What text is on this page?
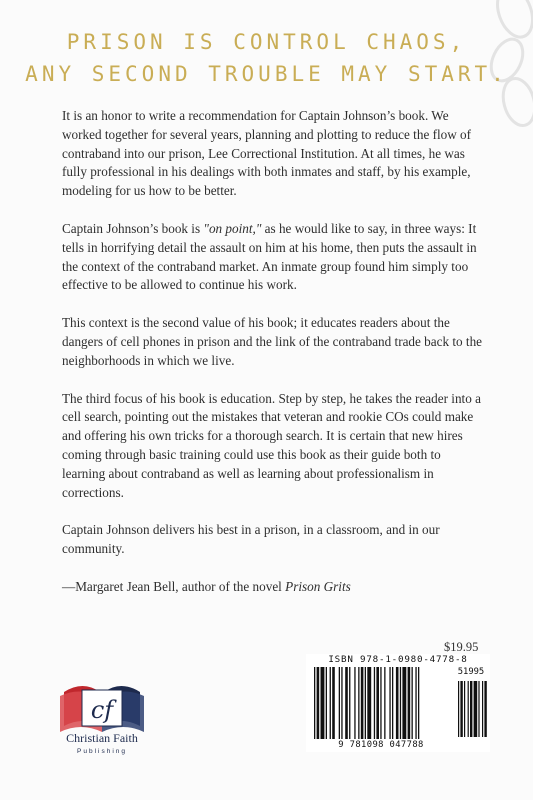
PRISON IS CONTROL CHAOS,
ANY SECOND TROUBLE MAY START.

It is an honor to write a recommendation for Captain Johnson’s book. We worked together for several years, planning and plotting to reduce the flow of contraband into our prison, Lee Correctional Institution. At all times, he was fully professional in his dealings with both inmates and staff, by his example, modeling for us how to be better.

Captain Johnson’s book is "on point," as he would like to say, in three ways: It tells in horrifying detail the assault on him at his home, then puts the assault in the context of the contraband market. An inmate group found him simply too effective to be allowed to continue his work.

This context is the second value of his book; it educates readers about the dangers of cell phones in prison and the link of the contraband trade back to the neighborhoods in which we live.

The third focus of his book is education. Step by step, he takes the reader into a cell search, pointing out the mistakes that veteran and rookie COs could make and offering his own tricks for a thorough search. It is certain that new hires coming through basic training could use this book as their guide both to learning about contraband as well as learning about professionalism in corrections.

Captain Johnson delivers his best in a prison, in a classroom, and in our community.

—Margaret Jean Bell, author of the novel Prison Grits

cf
Christian Faith
Publishing
$19.95
ISBN 978-1-0980-4778-8
9 781098 047788
51995
